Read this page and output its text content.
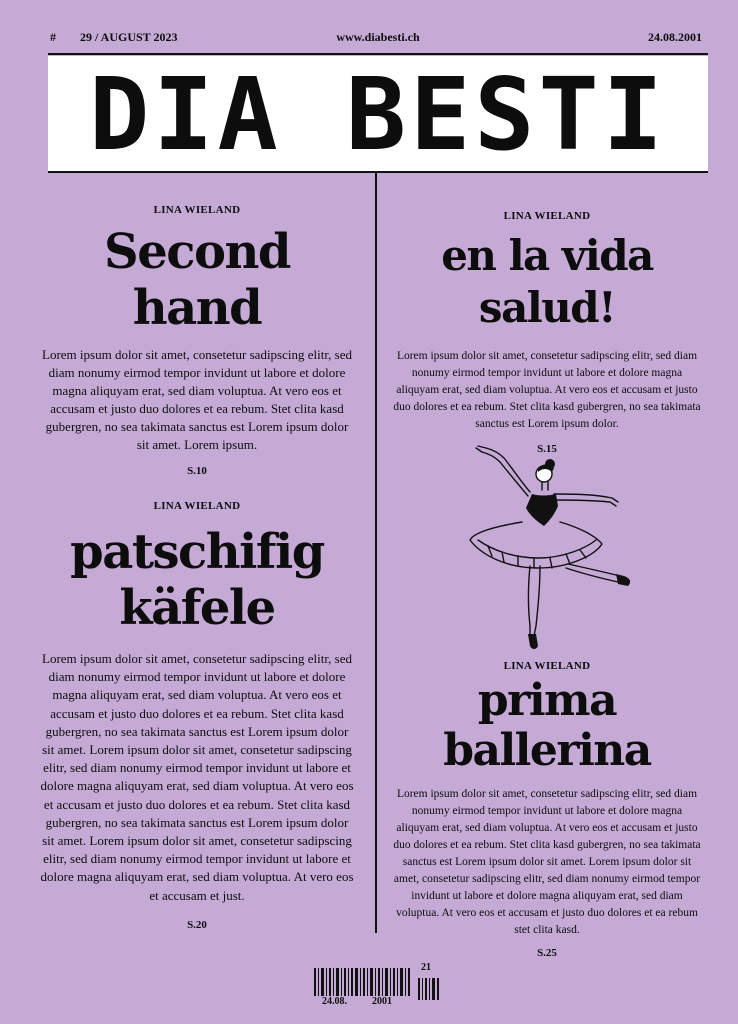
# 29 / AUGUST 2023	www.diabesti.ch	24.08.2001
DIA BESTI
LINA WIELAND
Second
hand
Lorem ipsum dolor sit amet, consetetur sadipscing elitr, sed diam nonumy eirmod tempor invidunt ut labore et dolore magna aliquyam erat, sed diam voluptua. At vero eos et accusam et justo duo dolores et ea rebum. Stet clita kasd gubergren, no sea takimata sanctus est Lorem ipsum dolor sit amet. Lorem ipsum.
S.10
LINA WIELAND
patschifig
käfele
Lorem ipsum dolor sit amet, consetetur sadipscing elitr, sed diam nonumy eirmod tempor invidunt ut labore et dolore magna aliquyam erat, sed diam voluptua. At vero eos et accusam et justo duo dolores et ea rebum. Stet clita kasd gubergren, no sea takimata sanctus est Lorem ipsum dolor sit amet. Lorem ipsum dolor sit amet, consetetur sadipscing elitr, sed diam nonumy eirmod tempor invidunt ut labore et dolore magna aliquyam erat, sed diam voluptua. At vero eos et accusam et justo duo dolores et ea rebum. Stet clita kasd gubergren, no sea takimata sanctus est Lorem ipsum dolor sit amet. Lorem ipsum dolor sit amet, consetetur sadipscing elitr, sed diam nonumy eirmod tempor invidunt ut labore et dolore magna aliquyam erat, sed diam voluptua. At vero eos et accusam et just.
S.20
LINA WIELAND
en la vida
salud!
Lorem ipsum dolor sit amet, consetetur sadipscing elitr, sed diam nonumy eirmod tempor invidunt ut labore et dolore magna aliquyam erat, sed diam voluptua. At vero eos et accusam et justo duo dolores et ea rebum. Stet clita kasd gubergren, no sea takimata sanctus est Lorem ipsum dolor.
S.15
LINA WIELAND
prima
ballerina
Lorem ipsum dolor sit amet, consetetur sadipscing elitr, sed diam nonumy eirmod tempor invidunt ut labore et dolore magna aliquyam erat, sed diam voluptua. At vero eos et accusam et justo duo dolores et ea rebum. Stet clita kasd gubergren, no sea takimata sanctus est Lorem ipsum dolor sit amet. Lorem ipsum dolor sit amet, consetetur sadipscing elitr, sed diam nonumy eirmod tempor invidunt ut labore et dolore magna aliquyam erat, sed diam voluptua. At vero eos et accusam et justo duo dolores et ea rebum stet clita kasd.
S.25
21
24.08.	2001
